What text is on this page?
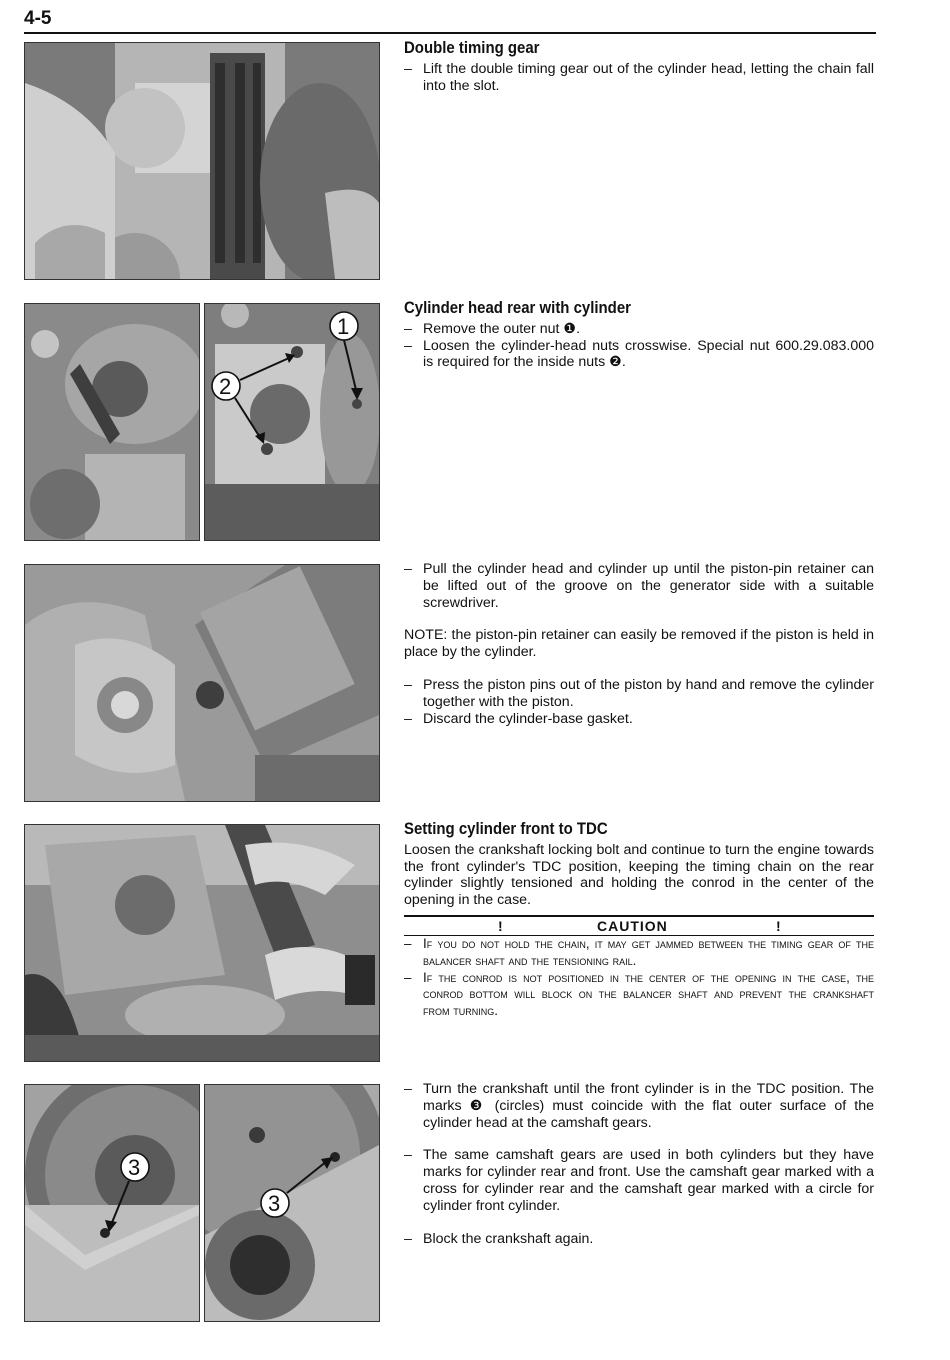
4-5
Double timing gear
– Lift the double timing gear out of the cylinder head, letting the chain fall into the slot.
1
2
Cylinder head rear with cylinder
– Remove the outer nut ❶.
– Loosen the cylinder-head nuts crosswise. Special nut 600.29.083.000 is required for the inside nuts ❷.
– Pull the cylinder head and cylinder up until the piston-pin retainer can be lifted out of the groove on the generator side with a suitable screwdriver.
NOTE: the piston-pin retainer can easily be removed if the piston is held in place by the cylinder.
– Press the piston pins out of the piston by hand and remove the cylinder together with the piston.
– Discard the cylinder-base gasket.
Setting cylinder front to TDC
Loosen the crankshaft locking bolt and continue to turn the engine towards the front cylinder's TDC position, keeping the timing chain on the rear cylinder slightly tensioned and holding the conrod in the center of the opening in the case.
!	CAUTION	!
– If you do not hold the chain, it may get jammed between the timing gear of the balancer shaft and the tensioning rail.
– If the conrod is not positioned in the center of the opening in the case, the conrod bottom will block on the balancer shaft and prevent the crankshaft from turning.
3
3
– Turn the crankshaft until the front cylinder is in the TDC position. The marks ❸ (circles) must coincide with the flat outer surface of the cylinder head at the camshaft gears.
– The same camshaft gears are used in both cylinders but they have marks for cylinder rear and front. Use the camshaft gear marked with a cross for cylinder rear and the camshaft gear marked with a circle for cylinder front cylinder.
– Block the crankshaft again.
